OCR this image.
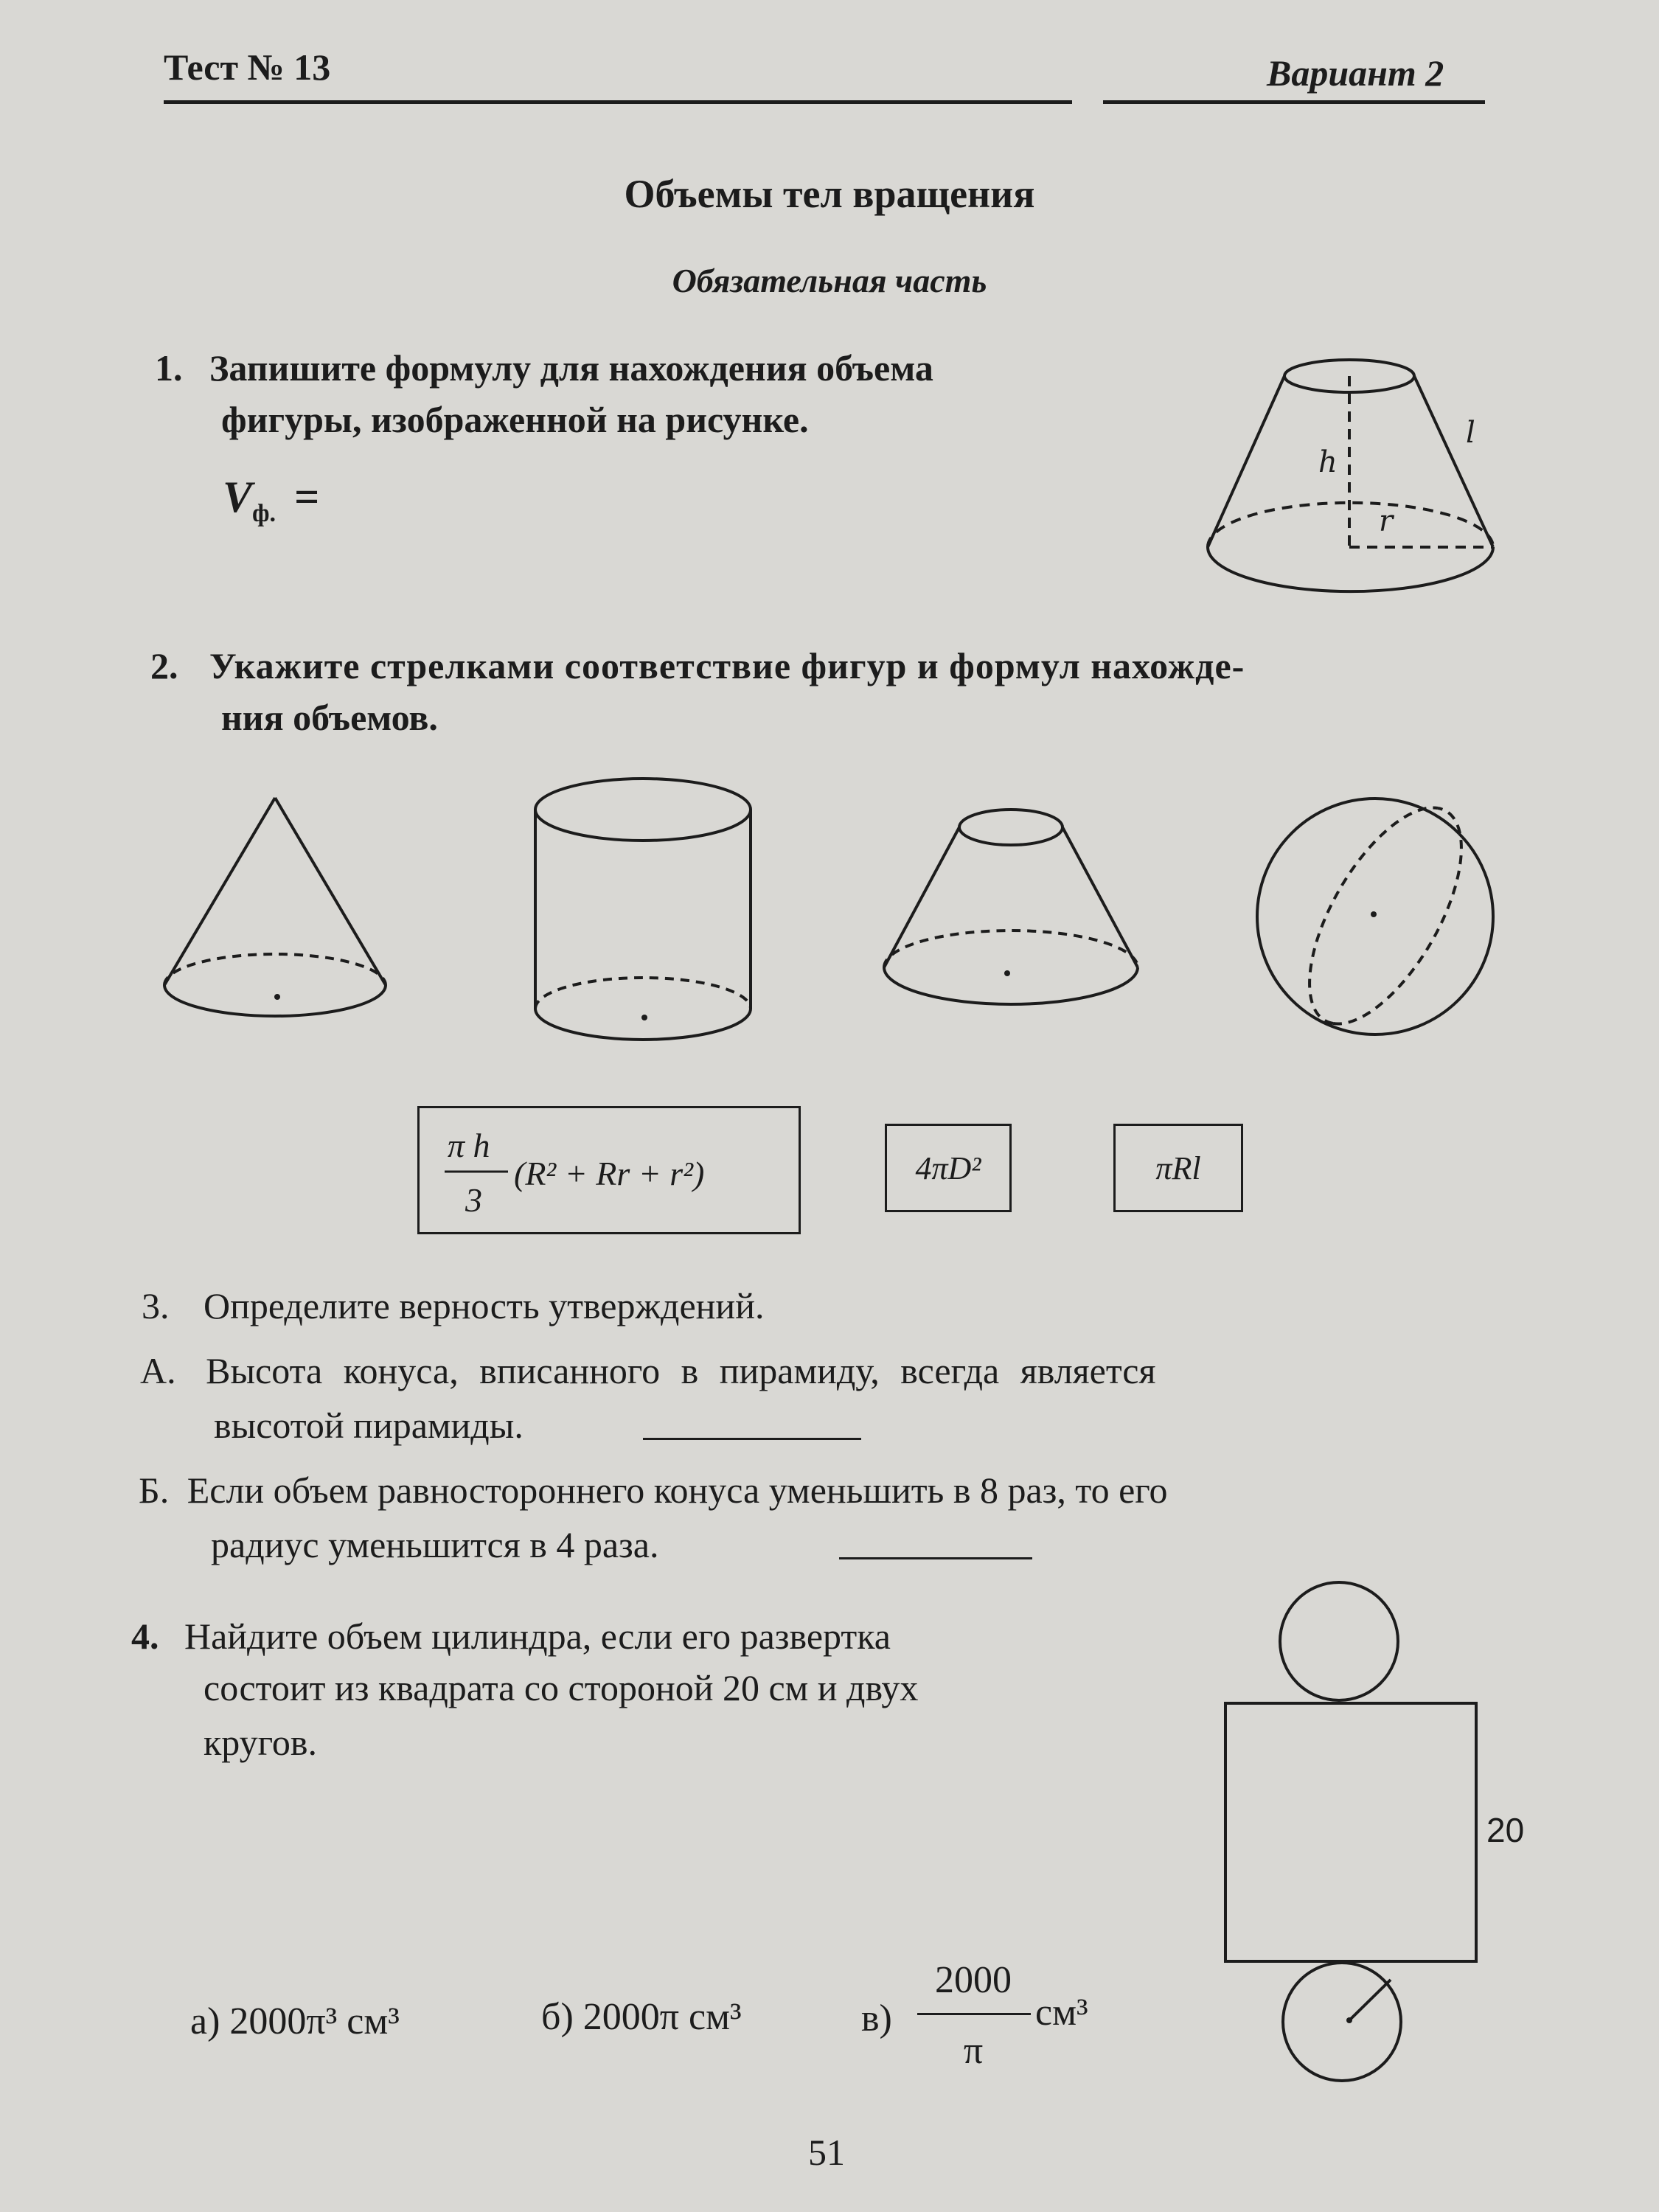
Тест № 13	Вариант 2
Объемы тел вращения
Обязательная часть
1. Запишите формулу для нахождения объема
фигуры, изображенной на рисунке.
$V_{ф.}$ =
h
l
r
2. Укажите стрелками соответствие фигур и формул нахожде-
ния объемов.
π h
3
(R² + Rr + r²)	4πD²	πRl
3. Определите верность утверждений.
А. Высота конуса, вписанного в пирамиду, всегда является
высотой пирамиды.
Б. Если объем равностороннего конуса уменьшить в 8 раз, то его
радиус уменьшится в 4 раза.
4. Найдите объем цилиндра, если его развертка
состоит из квадрата со стороной 20 см и двух
кругов.
20
а) 2000π³ см³	б) 2000π см³	в)
2000
π
см³
51
